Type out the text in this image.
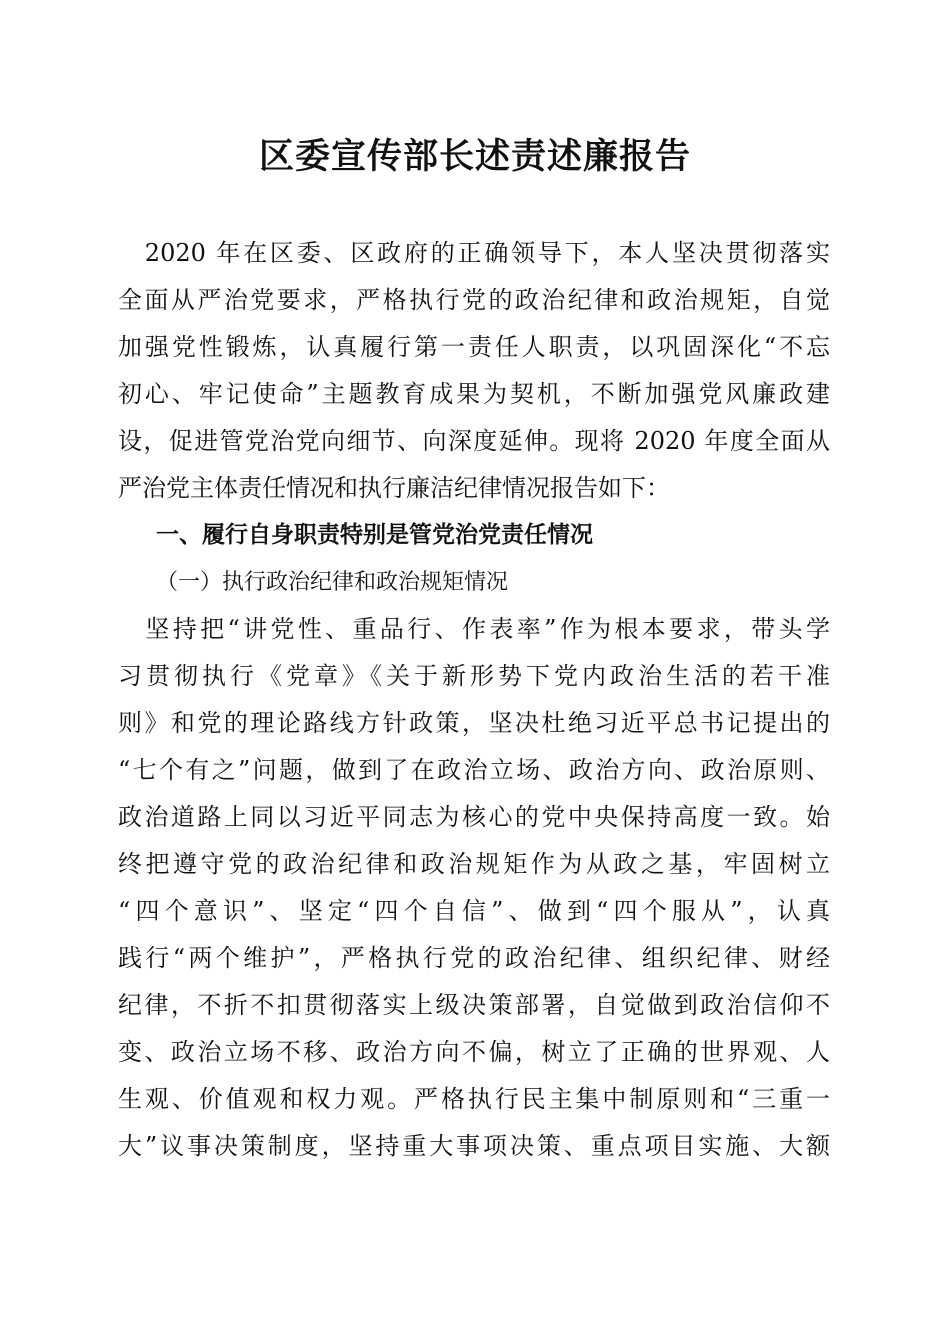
区委宣传部长述责述廉报告
　2020 年在区委、区政府的正确领导下，本人坚决贯彻落实
全面从严治党要求，严格执行党的政治纪律和政治规矩，自觉
加强党性锻炼，认真履行第一责任人职责，以巩固深化“不忘
初心、牢记使命”主题教育成果为契机，不断加强党风廉政建
设，促进管党治党向细节、向深度延伸。现将 2020 年度全面从
严治党主体责任情况和执行廉洁纪律情况报告如下：
一、履行自身职责特别是管党治党责任情况
（一）执行政治纪律和政治规矩情况
　坚持把“讲党性、重品行、作表率”作为根本要求，带头学
习贯彻执行《党章》《关于新形势下党内政治生活的若干准
则》和党的理论路线方针政策，坚决杜绝习近平总书记提出的
“七个有之”问题，做到了在政治立场、政治方向、政治原则、
政治道路上同以习近平同志为核心的党中央保持高度一致。始
终把遵守党的政治纪律和政治规矩作为从政之基，牢固树立
“四个意识”、坚定“四个自信”、做到“四个服从”，认真
践行“两个维护”，严格执行党的政治纪律、组织纪律、财经
纪律，不折不扣贯彻落实上级决策部署，自觉做到政治信仰不
变、政治立场不移、政治方向不偏，树立了正确的世界观、人
生观、价值观和权力观。严格执行民主集中制原则和“三重一
大”议事决策制度，坚持重大事项决策、重点项目实施、大额
